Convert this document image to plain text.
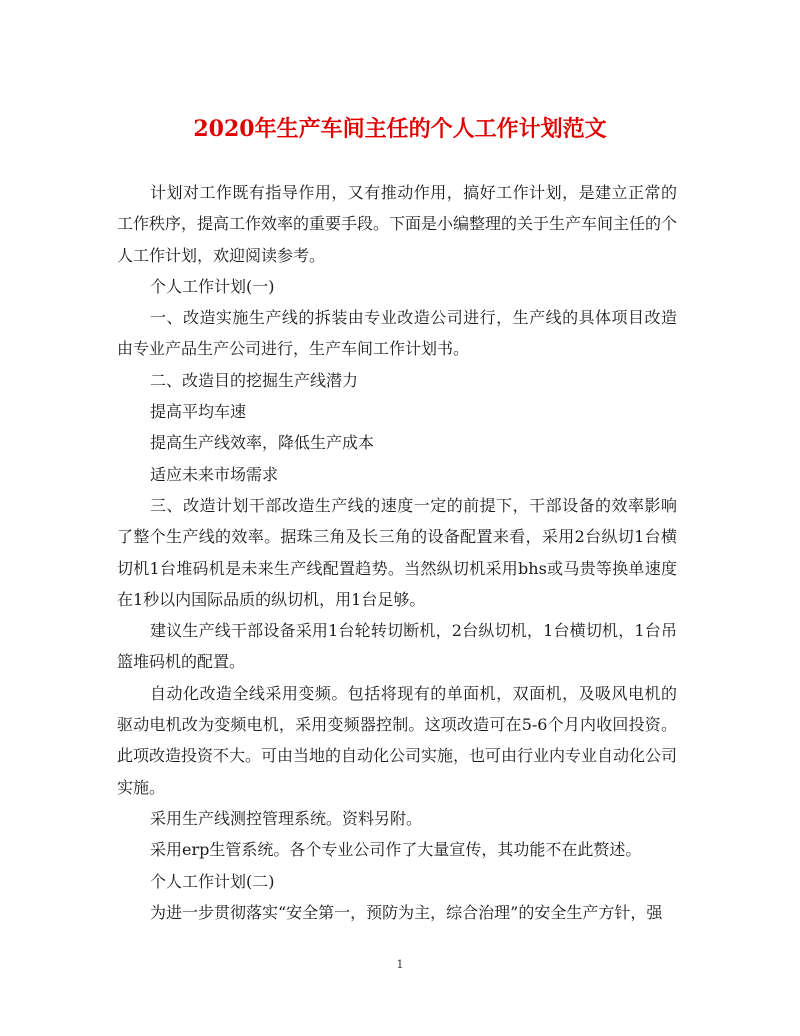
2020年生产车间主任的个人工作计划范文

计划对工作既有指导作用，又有推动作用，搞好工作计划，是建立正常的工作秩序，提高工作效率的重要手段。下面是小编整理的关于生产车间主任的个人工作计划，欢迎阅读参考。

个人工作计划(一)

一、改造实施生产线的拆装由专业改造公司进行，生产线的具体项目改造由专业产品生产公司进行，生产车间工作计划书。

二、改造目的挖掘生产线潜力

提高平均车速

提高生产线效率，降低生产成本

适应未来市场需求

三、改造计划干部改造生产线的速度一定的前提下，干部设备的效率影响了整个生产线的效率。据珠三角及长三角的设备配置来看，采用2台纵切1台横切机1台堆码机是未来生产线配置趋势。当然纵切机采用bhs或马贵等换单速度在1秒以内国际品质的纵切机，用1台足够。

建议生产线干部设备采用1台轮转切断机，2台纵切机，1台横切机，1台吊篮堆码机的配置。

自动化改造全线采用变频。包括将现有的单面机，双面机，及吸风电机的驱动电机改为变频电机，采用变频器控制。这项改造可在5-6个月内收回投资。此项改造投资不大。可由当地的自动化公司实施，也可由行业内专业自动化公司实施。

采用生产线测控管理系统。资料另附。

采用erp生管系统。各个专业公司作了大量宣传，其功能不在此赘述。

个人工作计划(二)

为进一步贯彻落实“安全第一，预防为主，综合治理”的安全生产方针，强

1
